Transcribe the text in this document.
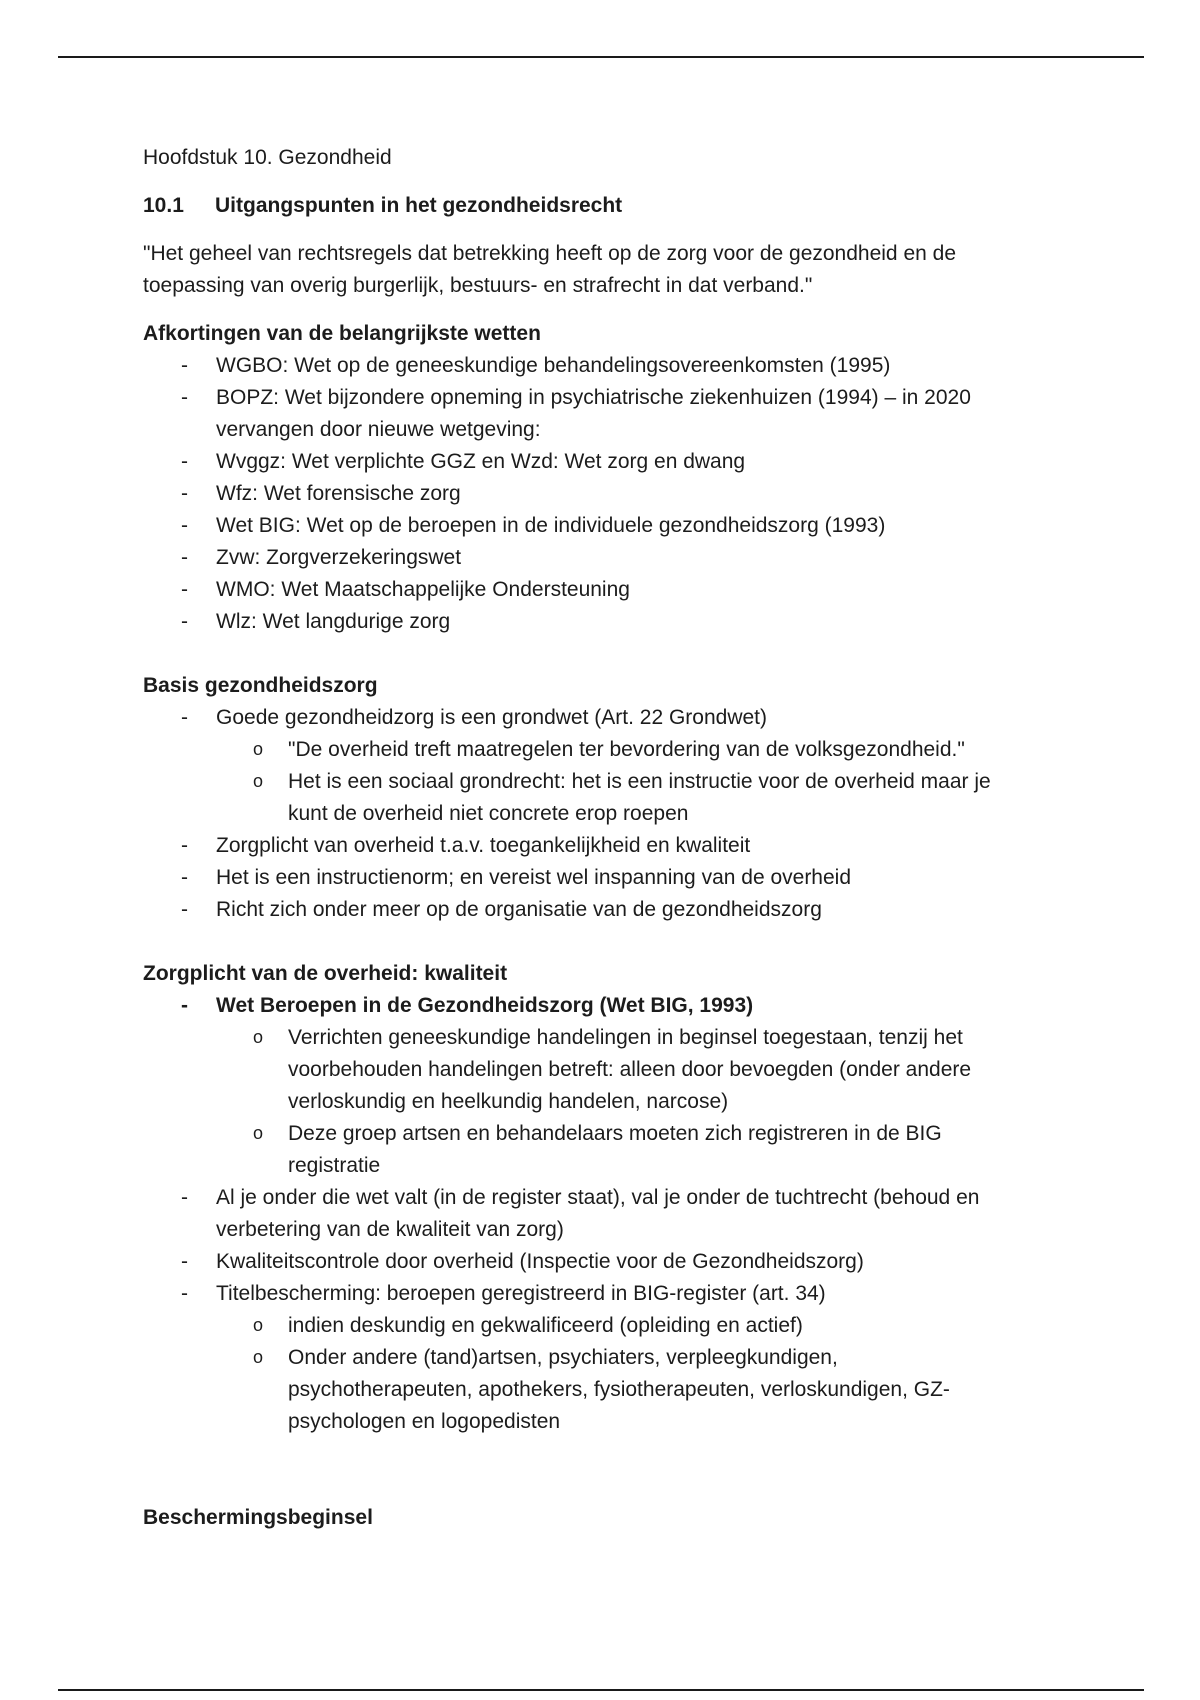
Hoofdstuk 10. Gezondheid
10.1 Uitgangspunten in het gezondheidsrecht
"Het geheel van rechtsregels dat betrekking heeft op de zorg voor de gezondheid en de
toepassing van overig burgerlijk, bestuurs- en strafrecht in dat verband."
Afkortingen van de belangrijkste wetten
- WGBO: Wet op de geneeskundige behandelingsovereenkomsten (1995)
- BOPZ: Wet bijzondere opneming in psychiatrische ziekenhuizen (1994) – in 2020
vervangen door nieuwe wetgeving:
- Wvggz: Wet verplichte GGZ en Wzd: Wet zorg en dwang
- Wfz: Wet forensische zorg
- Wet BIG: Wet op de beroepen in de individuele gezondheidszorg (1993)
- Zvw: Zorgverzekeringswet
- WMO: Wet Maatschappelijke Ondersteuning
- Wlz: Wet langdurige zorg
Basis gezondheidszorg
- Goede gezondheidzorg is een grondwet (Art. 22 Grondwet)
o "De overheid treft maatregelen ter bevordering van de volksgezondheid."
o Het is een sociaal grondrecht: het is een instructie voor de overheid maar je
kunt de overheid niet concrete erop roepen
- Zorgplicht van overheid t.a.v. toegankelijkheid en kwaliteit
- Het is een instructienorm; en vereist wel inspanning van de overheid
- Richt zich onder meer op de organisatie van de gezondheidszorg
Zorgplicht van de overheid: kwaliteit
- Wet Beroepen in de Gezondheidszorg (Wet BIG, 1993)
o Verrichten geneeskundige handelingen in beginsel toegestaan, tenzij het
voorbehouden handelingen betreft: alleen door bevoegden (onder andere
verloskundig en heelkundig handelen, narcose)
o Deze groep artsen en behandelaars moeten zich registreren in de BIG
registratie
- Al je onder die wet valt (in de register staat), val je onder de tuchtrecht (behoud en
verbetering van de kwaliteit van zorg)
- Kwaliteitscontrole door overheid (Inspectie voor de Gezondheidszorg)
- Titelbescherming: beroepen geregistreerd in BIG-register (art. 34)
o indien deskundig en gekwalificeerd (opleiding en actief)
o Onder andere (tand)artsen, psychiaters, verpleegkundigen,
psychotherapeuten, apothekers, fysiotherapeuten, verloskundigen, GZ-
psychologen en logopedisten
Beschermingsbeginsel
